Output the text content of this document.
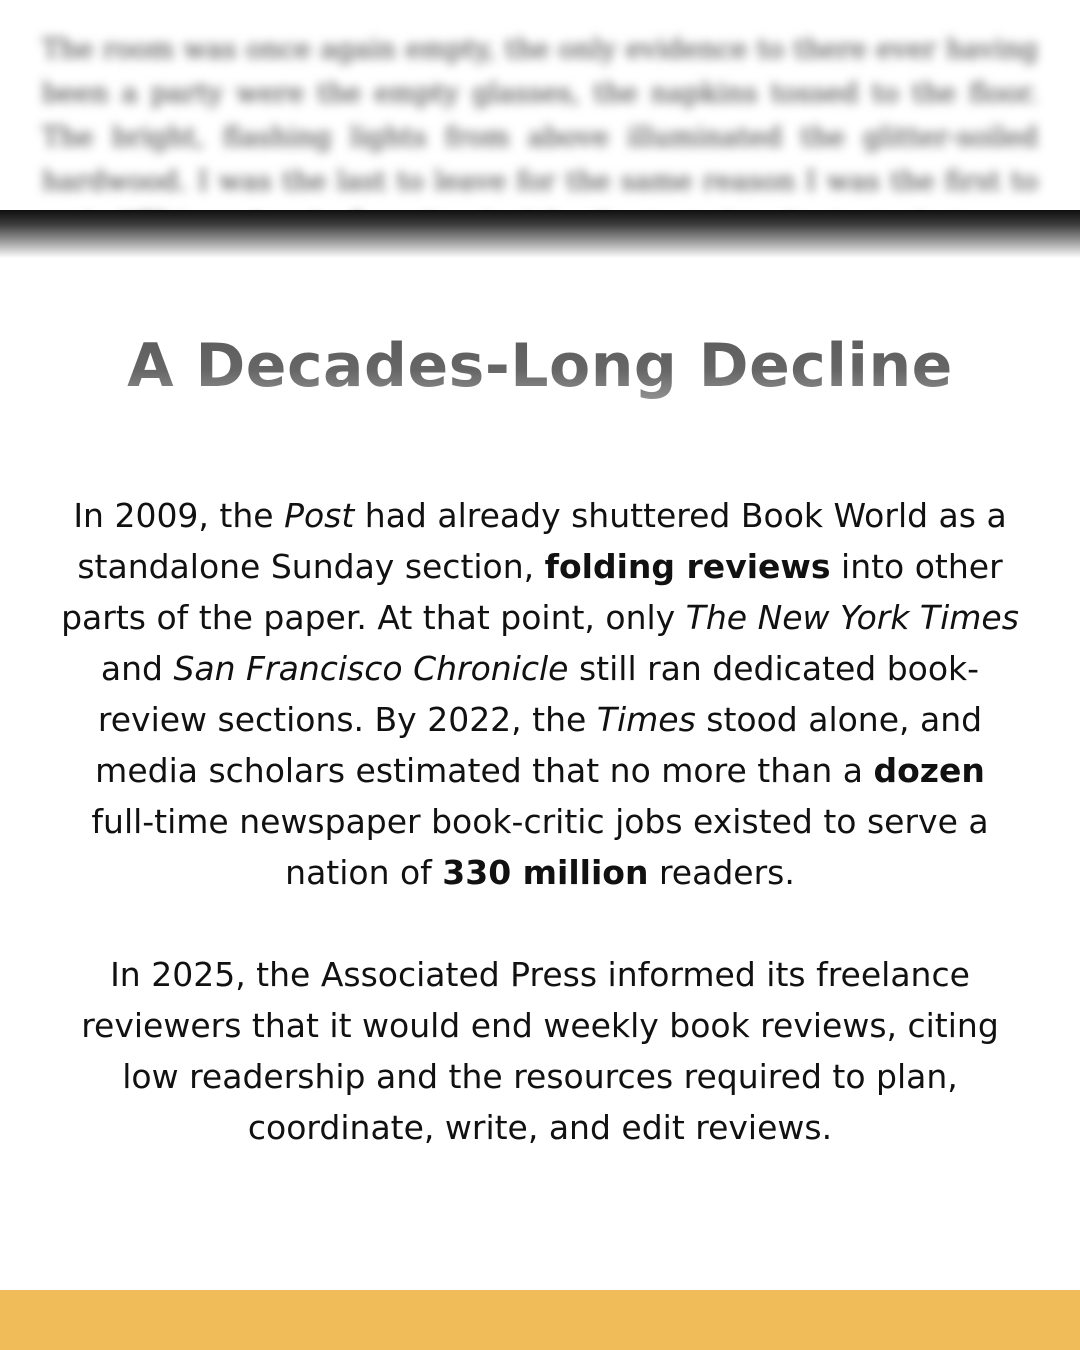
The room was once again empty, the only evidence to there ever having been a party were the empty glasses, the napkins tossed to the floor. The bright, flashing lights from above illuminated the glitter-soiled hardwood. I was the last to leave for the same reason I was the first to

A Decades-Long Decline

In 2009, the Post had already shuttered Book World as a standalone Sunday section, folding reviews into other parts of the paper. At that point, only The New York Times and San Francisco Chronicle still ran dedicated book-review sections. By 2022, the Times stood alone, and media scholars estimated that no more than a dozen full-time newspaper book-critic jobs existed to serve a nation of 330 million readers.

In 2025, the Associated Press informed its freelance reviewers that it would end weekly book reviews, citing low readership and the resources required to plan, coordinate, write, and edit reviews.
